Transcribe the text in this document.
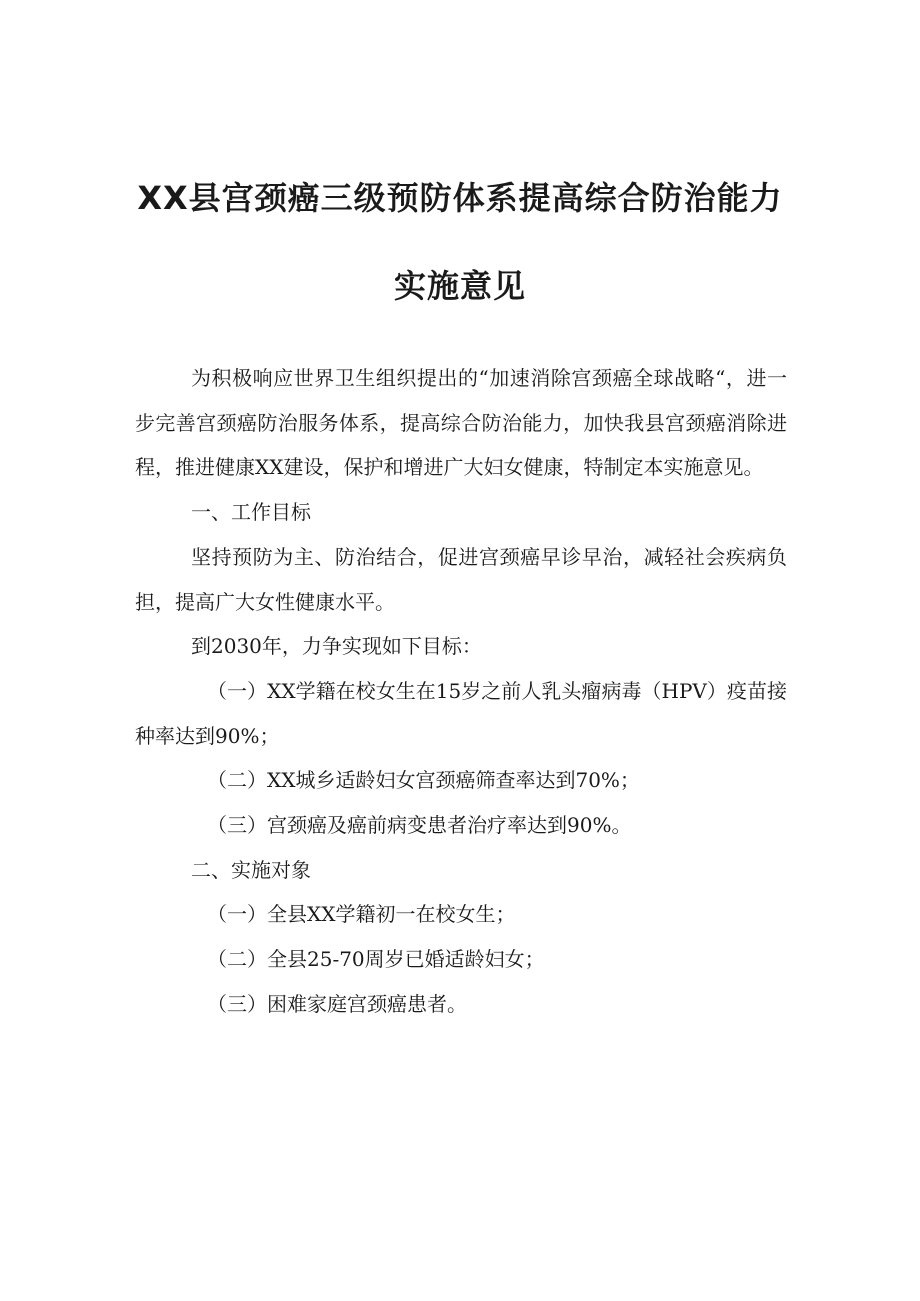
XX县宫颈癌三级预防体系提高综合防治能力
实施意见

为积极响应世界卫生组织提出的“加速消除宫颈癌全球战略“，进一步完善宫颈癌防治服务体系，提高综合防治能力，加快我县宫颈癌消除进程，推进健康XX建设，保护和增进广大妇女健康，特制定本实施意见。

一、工作目标

坚持预防为主、防治结合，促进宫颈癌早诊早治，减轻社会疾病负担，提高广大女性健康水平。

到2030年，力争实现如下目标：

（一）XX学籍在校女生在15岁之前人乳头瘤病毒（HPV）疫苗接种率达到90%；

（二）XX城乡适龄妇女宫颈癌筛查率达到70%；

（三）宫颈癌及癌前病变患者治疗率达到90%。

二、实施对象

（一）全县XX学籍初一在校女生；

（二）全县25-70周岁已婚适龄妇女；

（三）困难家庭宫颈癌患者。
